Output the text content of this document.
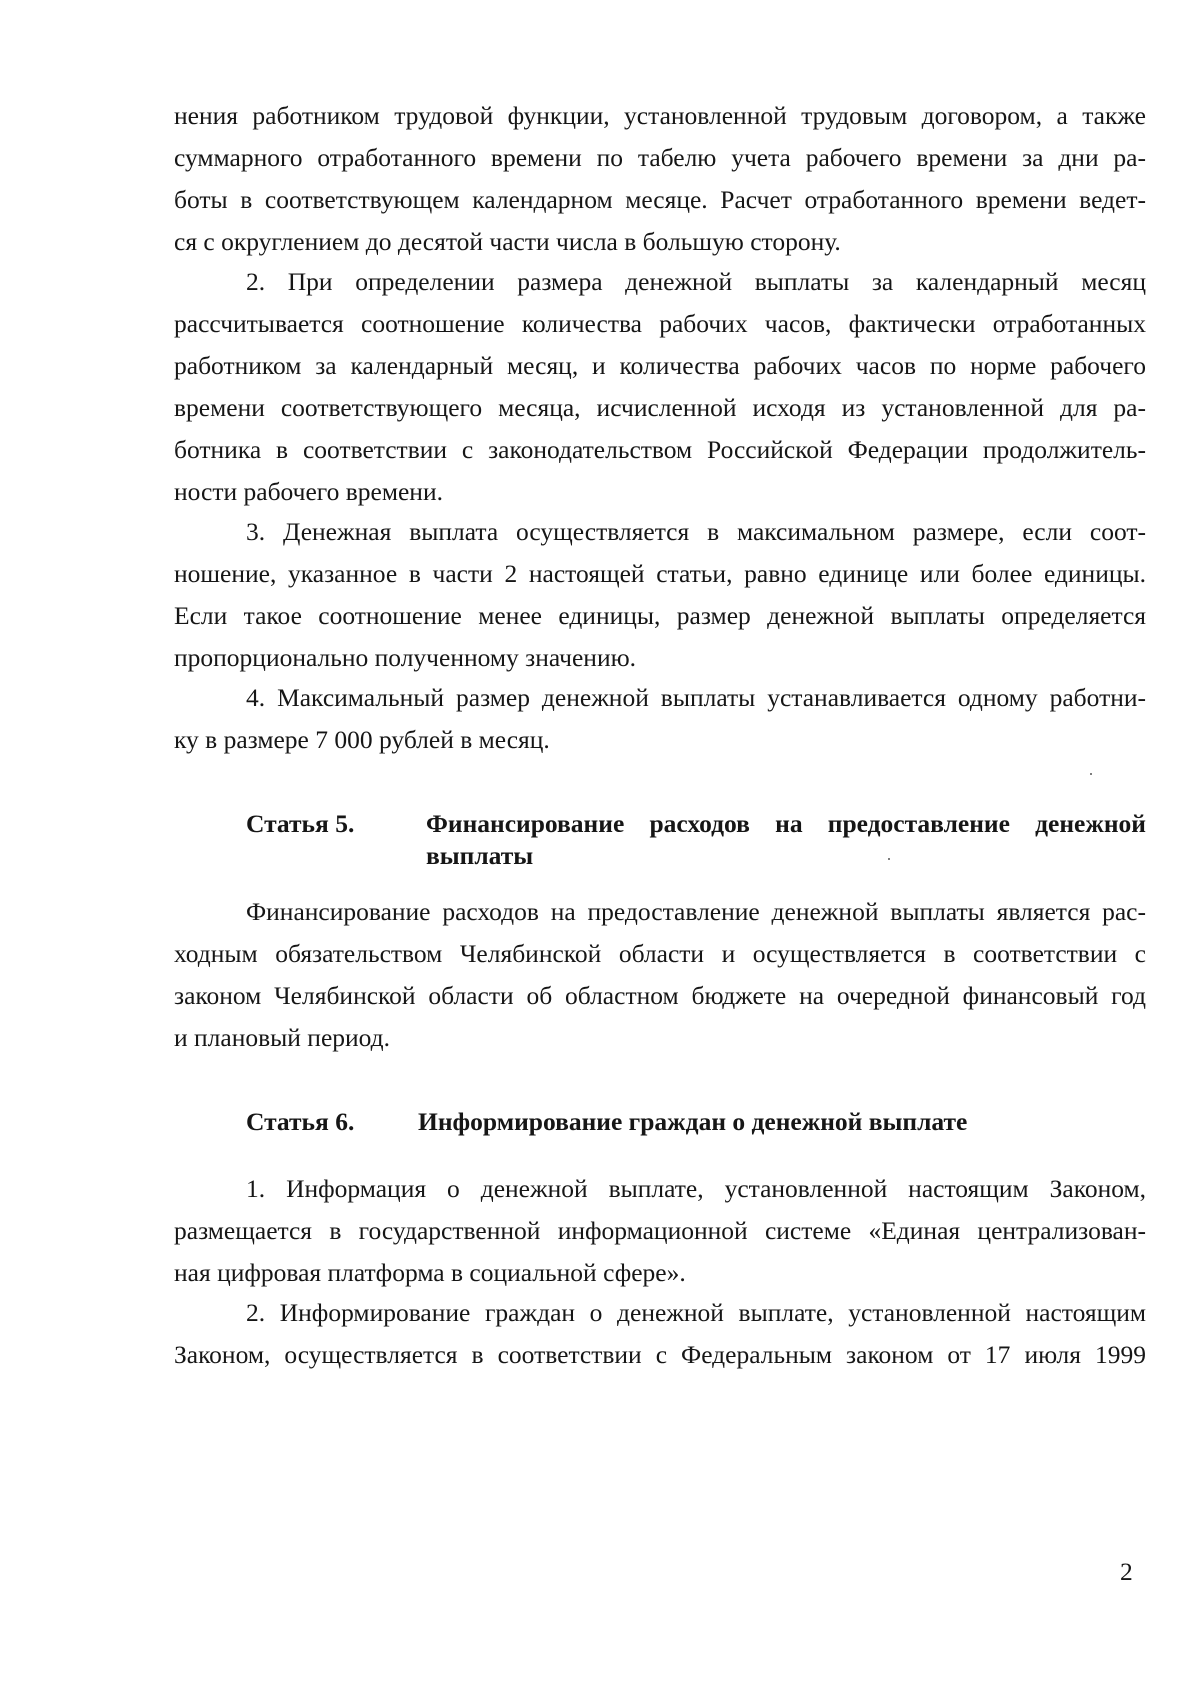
нения работником трудовой функции, установленной трудовым договором, а также
суммарного отработанного времени по табелю учета рабочего времени за дни ра-
боты в соответствующем календарном месяце. Расчет отработанного времени ведет-
ся с округлением до десятой части числа в большую сторону.
2. При определении размера денежной выплаты за календарный месяц
рассчитывается соотношение количества рабочих часов, фактически отработанных
работником за календарный месяц, и количества рабочих часов по норме рабочего
времени соответствующего месяца, исчисленной исходя из установленной для ра-
ботника в соответствии с законодательством Российской Федерации продолжитель-
ности рабочего времени.
3. Денежная выплата осуществляется в максимальном размере, если соот-
ношение, указанное в части 2 настоящей статьи, равно единице или более единицы.
Если такое соотношение менее единицы, размер денежной выплаты определяется
пропорционально полученному значению.
4. Максимальный размер денежной выплаты устанавливается одному работни-
ку в размере 7 000 рублей в месяц.
Статья 5.	Финансирование расходов на предоставление денежной
выплаты
Финансирование расходов на предоставление денежной выплаты является рас-
ходным обязательством Челябинской области и осуществляется в соответствии с
законом Челябинской области об областном бюджете на очередной финансовый год
и плановый период.
Статья 6. Информирование граждан о денежной выплате
1. Информация о денежной выплате, установленной настоящим Законом,
размещается в государственной информационной системе «Единая централизован-
ная цифровая платформа в социальной сфере».
2. Информирование граждан о денежной выплате, установленной настоящим
Законом, осуществляется в соответствии с Федеральным законом от 17 июля 1999
2
